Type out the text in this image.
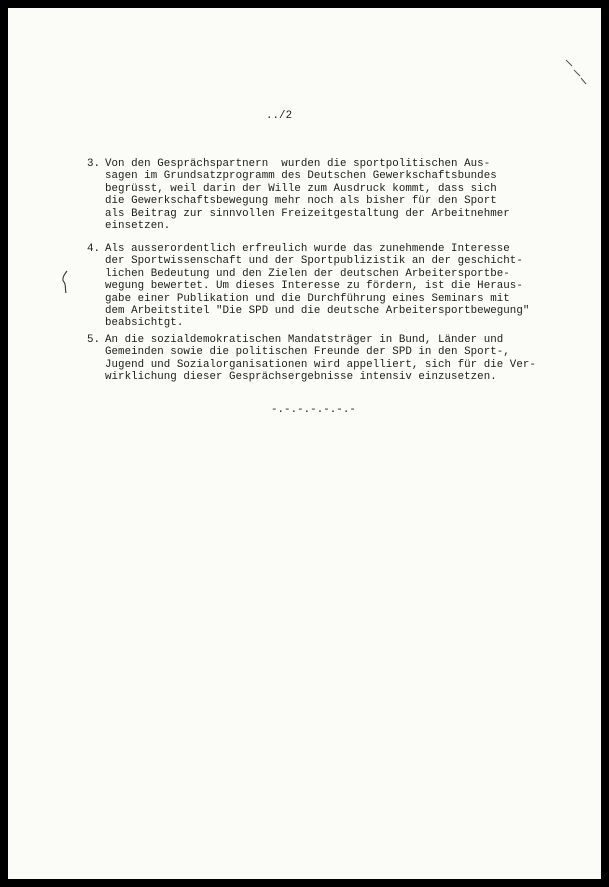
../2
3. Von den Gesprächspartnern  wurden die sportpolitischen Aus-
sagen im Grundsatzprogramm des Deutschen Gewerkschaftsbundes
begrüsst, weil darin der Wille zum Ausdruck kommt, dass sich
die Gewerkschaftsbewegung mehr noch als bisher für den Sport
als Beitrag zur sinnvollen Freizeitgestaltung der Arbeitnehmer
einsetzen.
4. Als ausserordentlich erfreulich wurde das zunehmende Interesse
der Sportwissenschaft und der Sportpublizistik an der geschicht-
lichen Bedeutung und den Zielen der deutschen Arbeitersportbe-
wegung bewertet. Um dieses Interesse zu fördern, ist die Heraus-
gabe einer Publikation und die Durchführung eines Seminars mit
dem Arbeitstitel "Die SPD und die deutsche Arbeitersportbewegung"
beabsichtgt.
5. An die sozialdemokratischen Mandatsträger in Bund, Länder und
Gemeinden sowie die politischen Freunde der SPD in den Sport-,
Jugend und Sozialorganisationen wird appelliert, sich für die Ver-
wirklichung dieser Gesprächsergebnisse intensiv einzusetzen.
-.-.-.-.-.-.-
